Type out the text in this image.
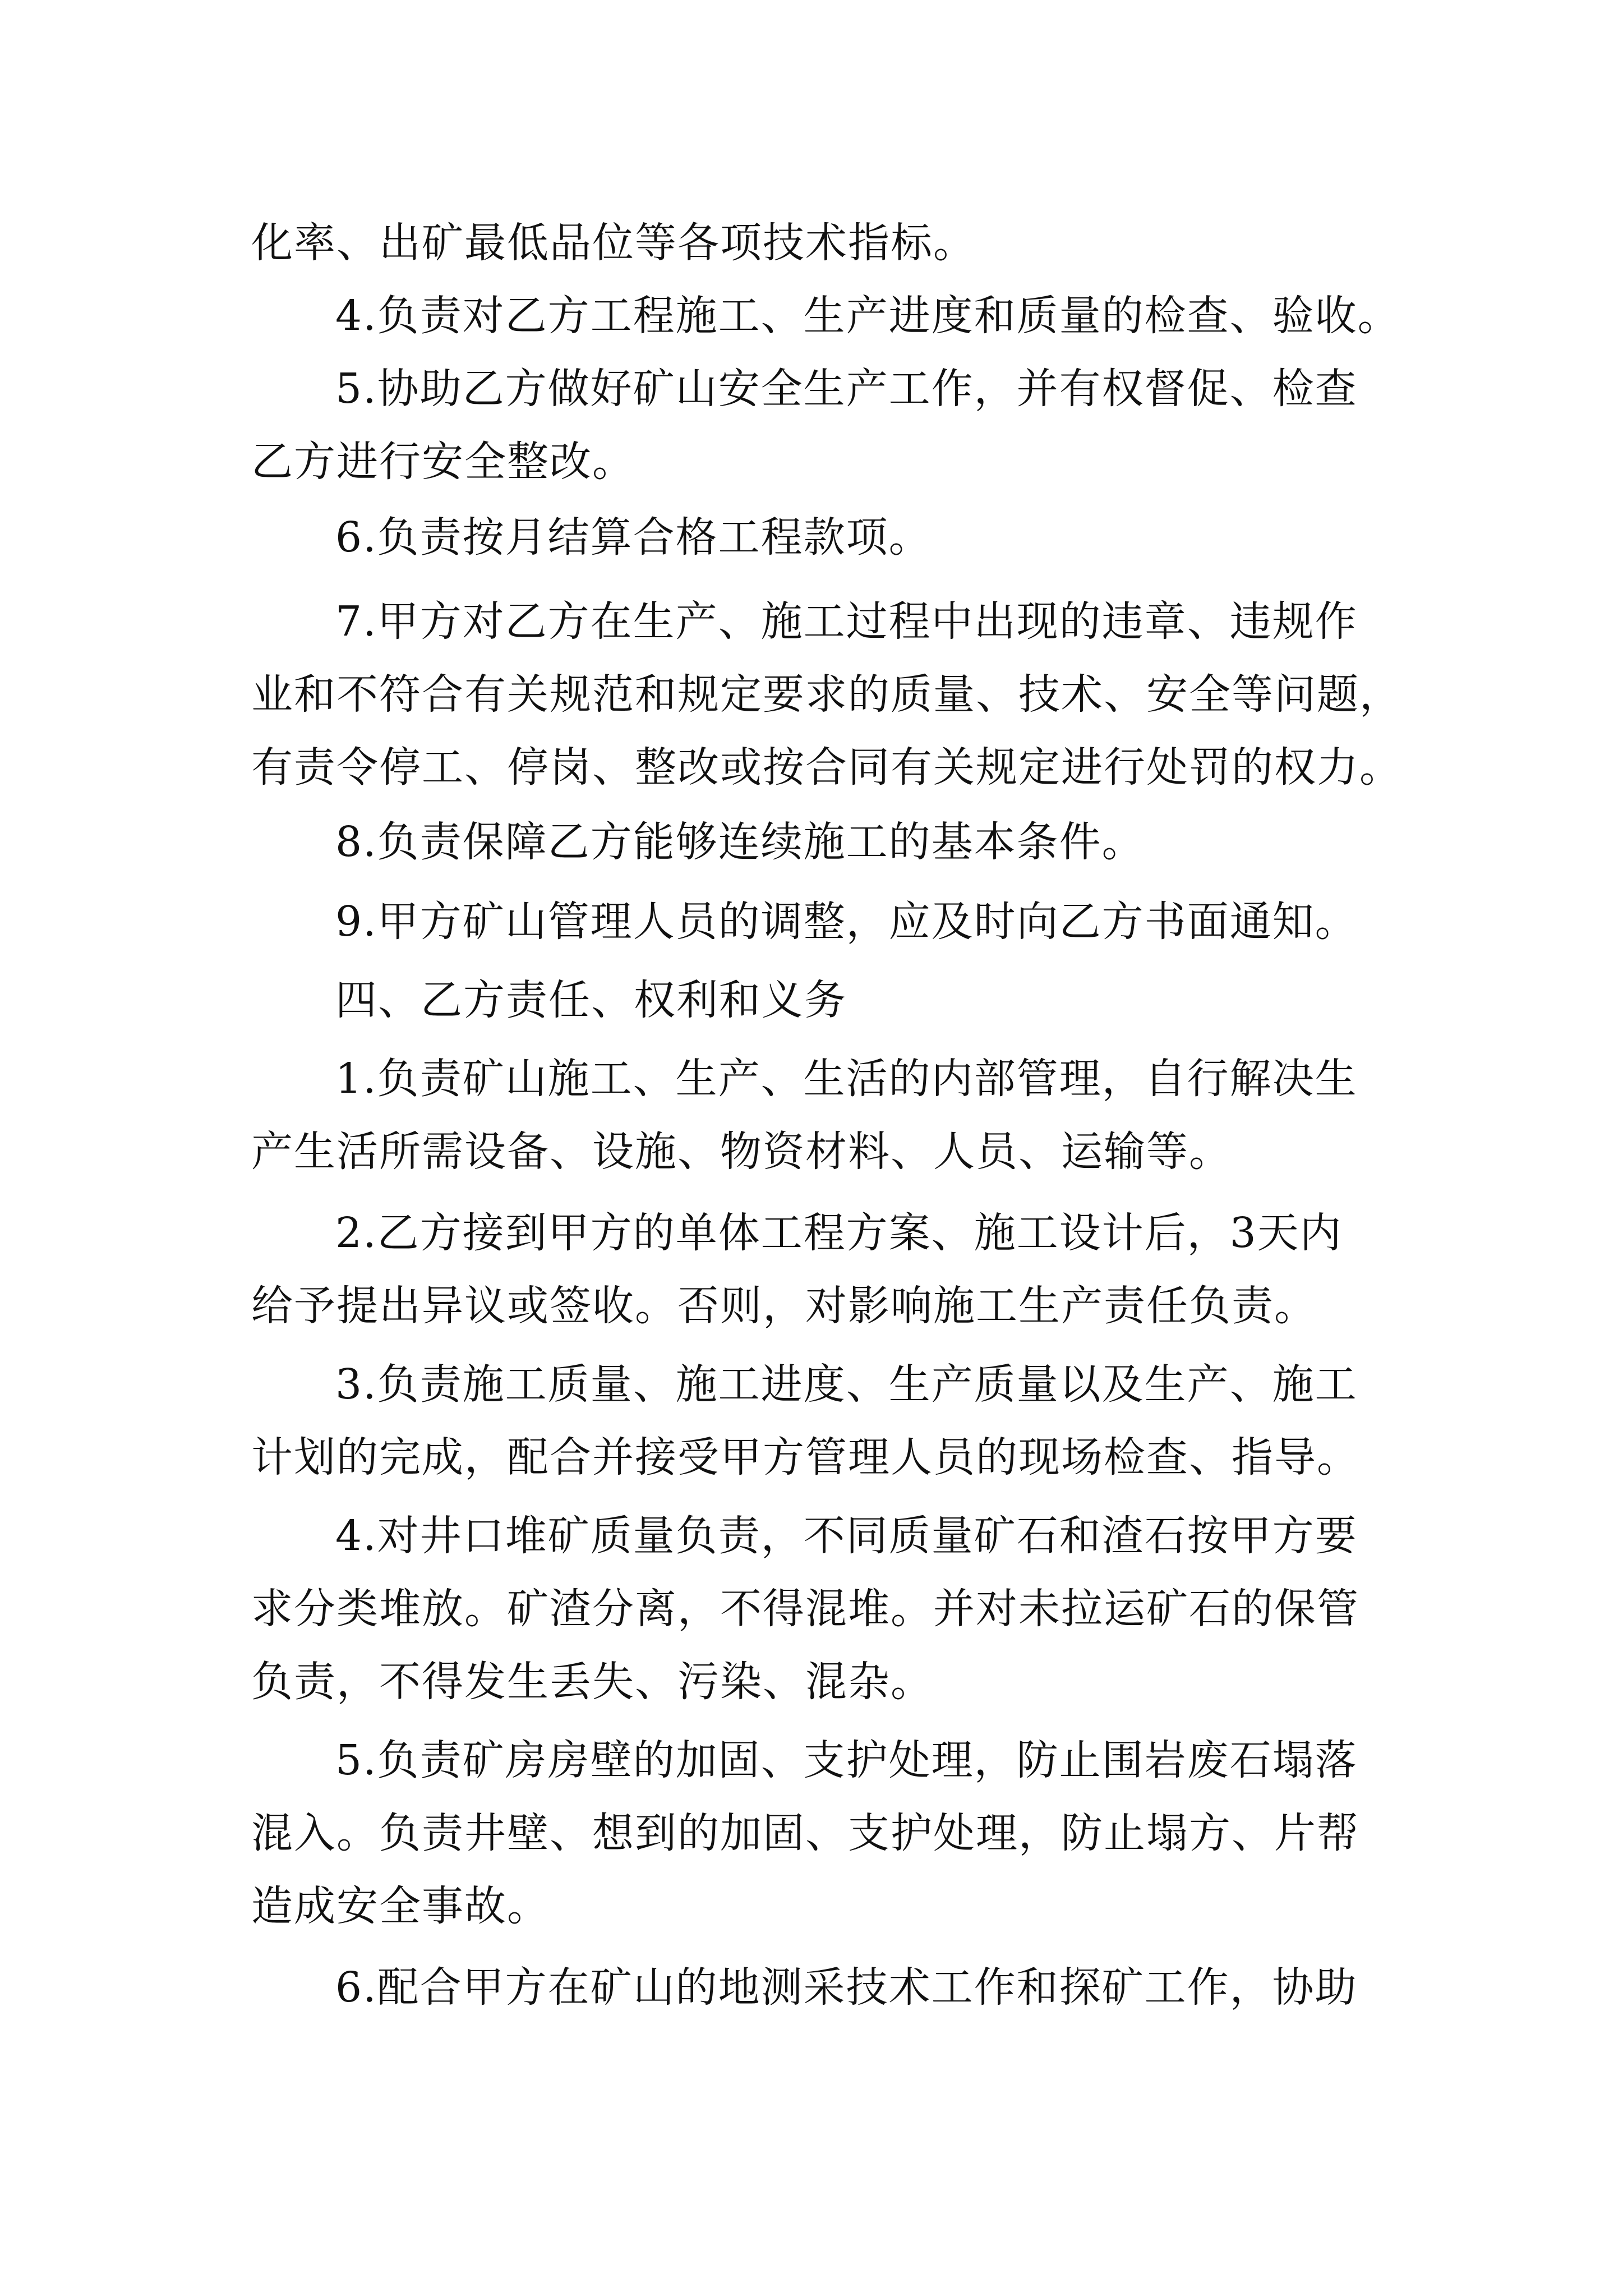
化率、出矿最低品位等各项技术指标。

4.负责对乙方工程施工、生产进度和质量的检查、验收。

5.协助乙方做好矿山安全生产工作，并有权督促、检查

乙方进行安全整改。

6.负责按月结算合格工程款项。

7.甲方对乙方在生产、施工过程中出现的违章、违规作

业和不符合有关规范和规定要求的质量、技术、安全等问题，

有责令停工、停岗、整改或按合同有关规定进行处罚的权力。

8.负责保障乙方能够连续施工的基本条件。

9.甲方矿山管理人员的调整，应及时向乙方书面通知。

四、乙方责任、权利和义务

1.负责矿山施工、生产、生活的内部管理，自行解决生

产生活所需设备、设施、物资材料、人员、运输等。

2.乙方接到甲方的单体工程方案、施工设计后，3天内

给予提出异议或签收。否则，对影响施工生产责任负责。

3.负责施工质量、施工进度、生产质量以及生产、施工

计划的完成，配合并接受甲方管理人员的现场检查、指导。

4.对井口堆矿质量负责，不同质量矿石和渣石按甲方要

求分类堆放。矿渣分离，不得混堆。并对未拉运矿石的保管

负责，不得发生丢失、污染、混杂。

5.负责矿房房壁的加固、支护处理，防止围岩废石塌落

混入。负责井壁、想到的加固、支护处理，防止塌方、片帮

造成安全事故。

6.配合甲方在矿山的地测采技术工作和探矿工作，协助
